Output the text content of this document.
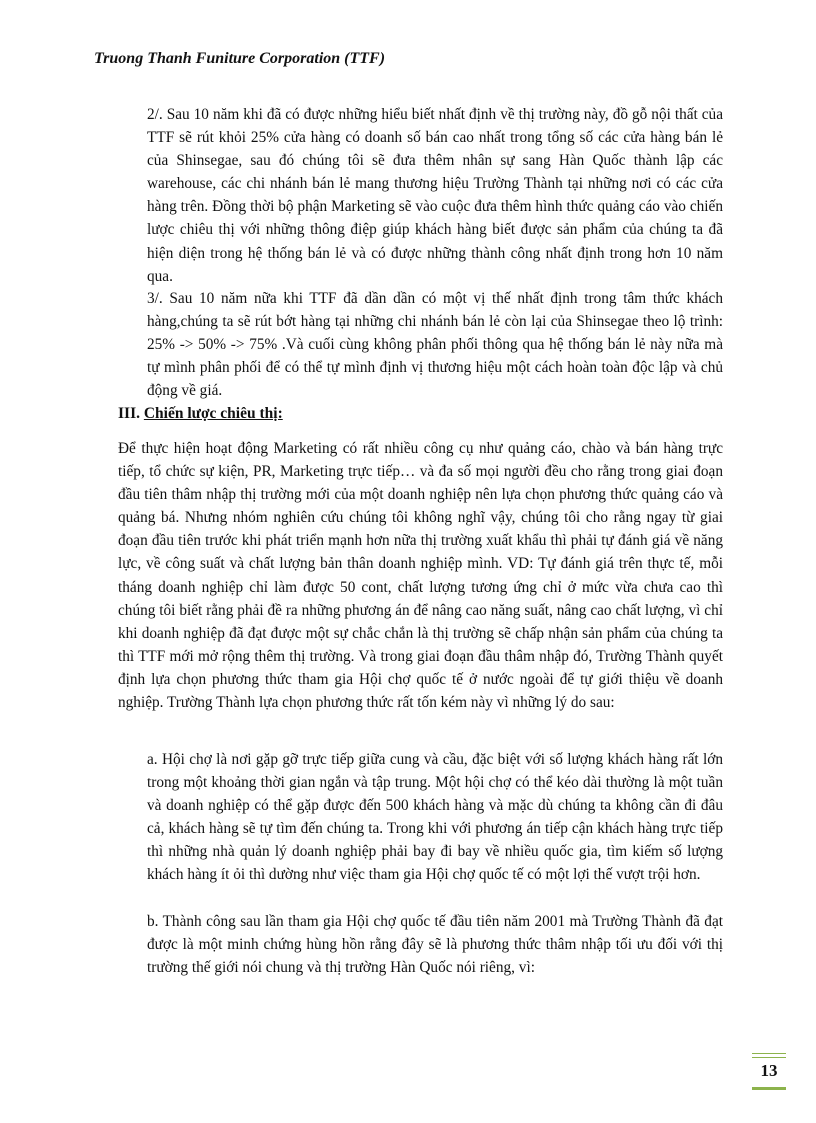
Truong Thanh Funiture Corporation (TTF)

2/. Sau 10 năm khi đã có được những hiểu biết nhất định về thị trường này, đồ gỗ nội thất của TTF sẽ rút khỏi 25% cửa hàng có doanh số bán cao nhất trong tổng số các cửa hàng bán lẻ của Shinsegae, sau đó chúng tôi sẽ đưa thêm nhân sự sang Hàn Quốc thành lập các warehouse, các chi nhánh bán lẻ mang thương hiệu Trường Thành tại những nơi có các cửa hàng trên. Đồng thời bộ phận Marketing sẽ vào cuộc đưa thêm hình thức quảng cáo vào chiến lược chiêu thị với những thông điệp giúp khách hàng biết được sản phẩm của chúng ta đã hiện diện trong hệ thống bán lẻ và có được những thành công nhất định trong hơn 10 năm qua.

3/. Sau 10 năm nữa khi TTF đã dần dần có một vị thế nhất định trong tâm thức khách hàng,chúng ta sẽ rút bớt hàng tại những chi nhánh bán lẻ còn lại của Shinsegae theo lộ trình: 25% -> 50% -> 75% .Và cuối cùng không phân phối thông qua hệ thống bán lẻ này nữa mà tự mình phân phối để có thể tự mình định vị thương hiệu một cách hoàn toàn độc lập và chủ động về giá.

III. Chiến lược chiêu thị:

Để thực hiện hoạt động Marketing có rất nhiều công cụ như quảng cáo, chào và bán hàng trực tiếp, tổ chức sự kiện, PR, Marketing trực tiếp… và đa số mọi người đều cho rằng trong giai đoạn đầu tiên thâm nhập thị trường mới của một doanh nghiệp nên lựa chọn phương thức quảng cáo và quảng bá. Nhưng nhóm nghiên cứu chúng tôi không nghĩ vậy, chúng tôi cho rằng ngay từ giai đoạn đầu tiên trước khi phát triển mạnh hơn nữa thị trường xuất khẩu thì phải tự đánh giá về năng lực, về công suất và chất lượng bản thân doanh nghiệp mình. VD: Tự đánh giá trên thực tế, mỗi tháng doanh nghiệp chỉ làm được 50 cont, chất lượng tương ứng chỉ ở mức vừa chưa cao thì chúng tôi biết rằng phải đề ra những phương án để nâng cao năng suất, nâng cao chất lượng, vì chỉ khi doanh nghiệp đã đạt được một sự chắc chắn là thị trường sẽ chấp nhận sản phẩm của chúng ta thì TTF mới mở rộng thêm thị trường. Và trong giai đoạn đầu thâm nhập đó, Trường Thành quyết định lựa chọn phương thức tham gia Hội chợ quốc tế ở nước ngoài để tự giới thiệu về doanh nghiệp. Trường Thành lựa chọn phương thức rất tốn kém này vì những lý do sau:

a. Hội chợ là nơi gặp gỡ trực tiếp giữa cung và cầu, đặc biệt với số lượng khách hàng rất lớn trong một khoảng thời gian ngắn và tập trung. Một hội chợ có thể kéo dài thường là một tuần và doanh nghiệp có thể gặp được đến 500 khách hàng và mặc dù chúng ta không cần đi đâu cả, khách hàng sẽ tự tìm đến chúng ta. Trong khi với phương án tiếp cận khách hàng trực tiếp thì những nhà quản lý doanh nghiệp phải bay đi bay về nhiều quốc gia, tìm kiếm số lượng khách hàng ít ỏi thì dường như việc tham gia Hội chợ quốc tế có một lợi thế vượt trội hơn.

b. Thành công sau lần tham gia Hội chợ quốc tế đầu tiên năm 2001 mà Trường Thành đã đạt được là một minh chứng hùng hồn rằng đây sẽ là phương thức thâm nhập tối ưu đối với thị trường thế giới nói chung và thị trường Hàn Quốc nói riêng, vì:

13
